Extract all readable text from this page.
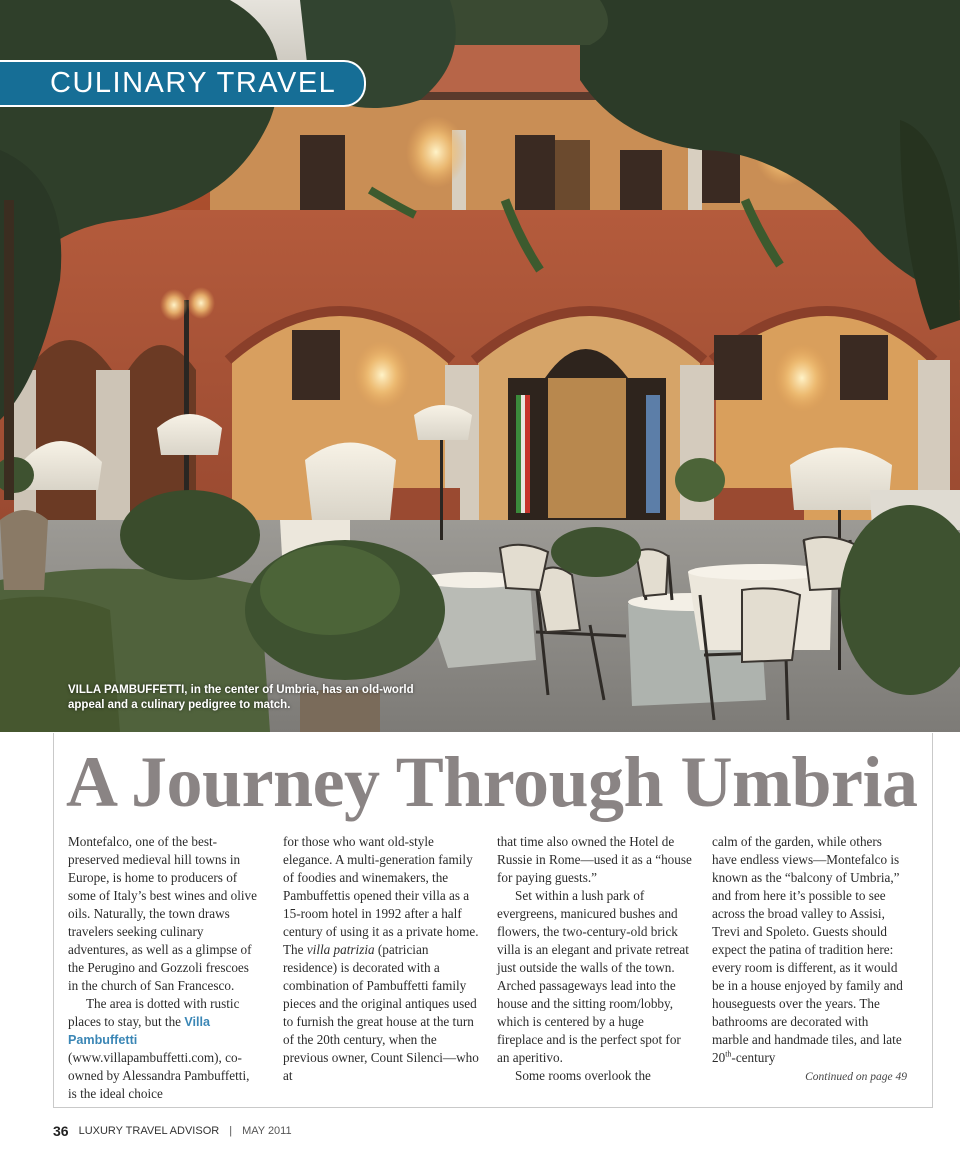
CULINARY TRAVEL
VILLA PAMBUFFETTI, in the center of Umbria, has an old-world appeal and a culinary pedigree to match.
A Journey Through Umbria

Montefalco, one of the best-preserved medieval hill towns in Europe, is home to producers of some of Italy’s best wines and olive oils. Naturally, the town draws travelers seeking culinary adventures, as well as a glimpse of the Perugino and Gozzoli frescoes in the church of San Francesco.

The area is dotted with rustic places to stay, but the Villa Pambuffetti (www.villapambuffetti.com), co-owned by Alessandra Pambuffetti, is the ideal choice

for those who want old-style elegance. A multi-generation family of foodies and winemakers, the Pambuffettis opened their villa as a 15-room hotel in 1992 after a half century of using it as a private home. The villa patrizia (patrician residence) is decorated with a combination of Pambuffetti family pieces and the original antiques used to furnish the great house at the turn of the 20th century, when the previous owner, Count Silenci—who at

that time also owned the Hotel de Russie in Rome—used it as a “house for paying guests.”

Set within a lush park of evergreens, manicured bushes and flowers, the two-century-old brick villa is an elegant and private retreat just outside the walls of the town. Arched passageways lead into the house and the sitting room/lobby, which is centered by a huge fireplace and is the perfect spot for an aperitivo.

Some rooms overlook the

calm of the garden, while others have endless views—Montefalco is known as the “balcony of Umbria,” and from here it’s possible to see across the broad valley to Assisi, Trevi and Spoleto. Guests should expect the patina of tradition here: every room is different, as it would be in a house enjoyed by family and houseguests over the years. The bathrooms are decorated with marble and handmade tiles, and late 20th-century

Continued on page 49
36 LUXURY TRAVEL ADVISOR | MAY 2011
